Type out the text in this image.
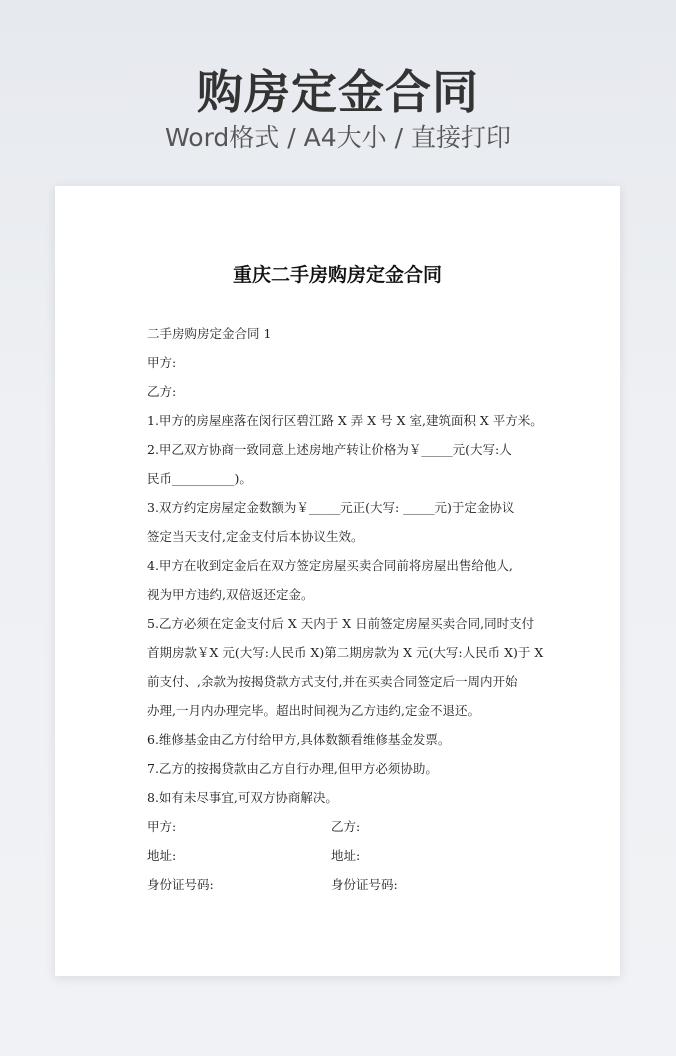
购房定金合同
Word格式 / A4大小 / 直接打印
重庆二手房购房定金合同
二手房购房定金合同 1
甲方:
乙方:
1.甲方的房屋座落在闵行区碧江路 X 弄 X 号 X 室,建筑面积 X 平方米。
2.甲乙双方协商一致同意上述房地产转让价格为￥_____元(大写:人
民币__________)。
3.双方约定房屋定金数额为￥_____元正(大写: _____元)于定金协议
签定当天支付,定金支付后本协议生效。
4.甲方在收到定金后在双方签定房屋买卖合同前将房屋出售给他人,
视为甲方违约,双倍返还定金。
5.乙方必须在定金支付后 X 天内于 X 日前签定房屋买卖合同,同时支付
首期房款￥X 元(大写:人民币 X)第二期房款为 X 元(大写:人民币 X)于 X
前支付、,余款为按揭贷款方式支付,并在买卖合同签定后一周内开始
办理,一月内办理完毕。超出时间视为乙方违约,定金不退还。
6.维修基金由乙方付给甲方,具体数额看维修基金发票。
7.乙方的按揭贷款由乙方自行办理,但甲方必须协助。
8.如有未尽事宜,可双方协商解决。
甲方:	乙方:
地址:	地址:
身份证号码:	身份证号码:
